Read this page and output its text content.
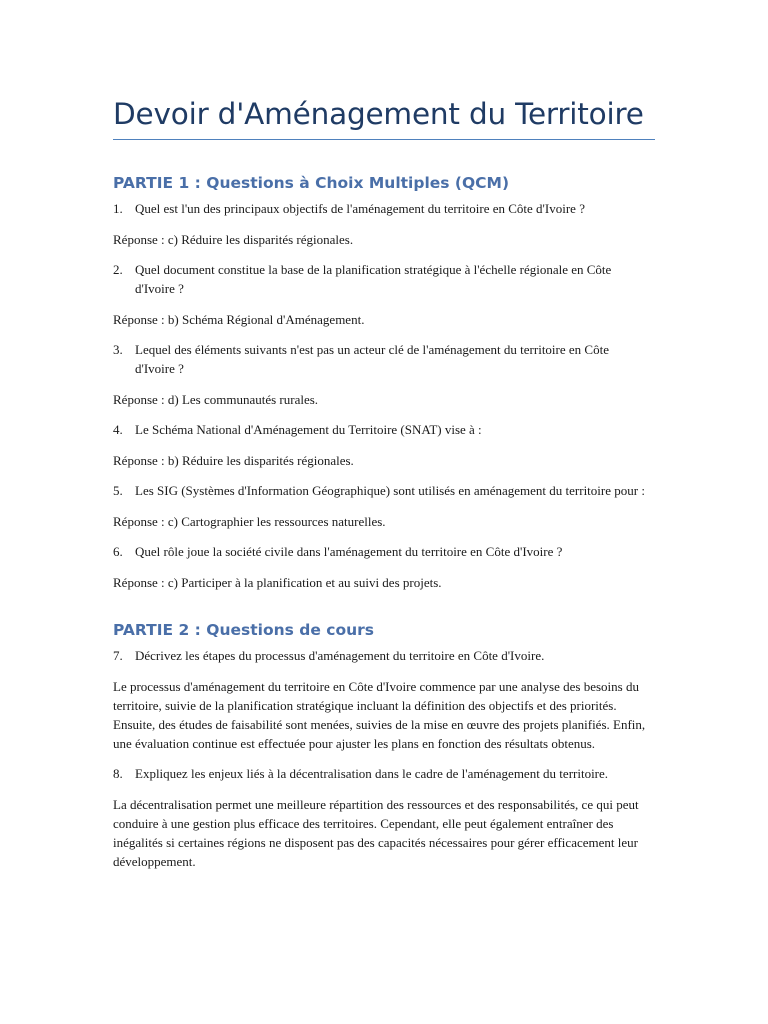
Devoir d'Aménagement du Territoire
PARTIE 1 : Questions à Choix Multiples (QCM)
1. Quel est l'un des principaux objectifs de l'aménagement du territoire en Côte d'Ivoire ?
Réponse : c) Réduire les disparités régionales.
2. Quel document constitue la base de la planification stratégique à l'échelle régionale en Côte d'Ivoire ?
Réponse : b) Schéma Régional d'Aménagement.
3. Lequel des éléments suivants n'est pas un acteur clé de l'aménagement du territoire en Côte d'Ivoire ?
Réponse : d) Les communautés rurales.
4. Le Schéma National d'Aménagement du Territoire (SNAT) vise à :
Réponse : b) Réduire les disparités régionales.
5. Les SIG (Systèmes d'Information Géographique) sont utilisés en aménagement du territoire pour :
Réponse : c) Cartographier les ressources naturelles.
6. Quel rôle joue la société civile dans l'aménagement du territoire en Côte d'Ivoire ?
Réponse : c) Participer à la planification et au suivi des projets.
PARTIE 2 : Questions de cours
7. Décrivez les étapes du processus d'aménagement du territoire en Côte d'Ivoire.
Le processus d'aménagement du territoire en Côte d'Ivoire commence par une analyse des besoins du territoire, suivie de la planification stratégique incluant la définition des objectifs et des priorités. Ensuite, des études de faisabilité sont menées, suivies de la mise en œuvre des projets planifiés. Enfin, une évaluation continue est effectuée pour ajuster les plans en fonction des résultats obtenus.
8. Expliquez les enjeux liés à la décentralisation dans le cadre de l'aménagement du territoire.
La décentralisation permet une meilleure répartition des ressources et des responsabilités, ce qui peut conduire à une gestion plus efficace des territoires. Cependant, elle peut également entraîner des inégalités si certaines régions ne disposent pas des capacités nécessaires pour gérer efficacement leur développement.
